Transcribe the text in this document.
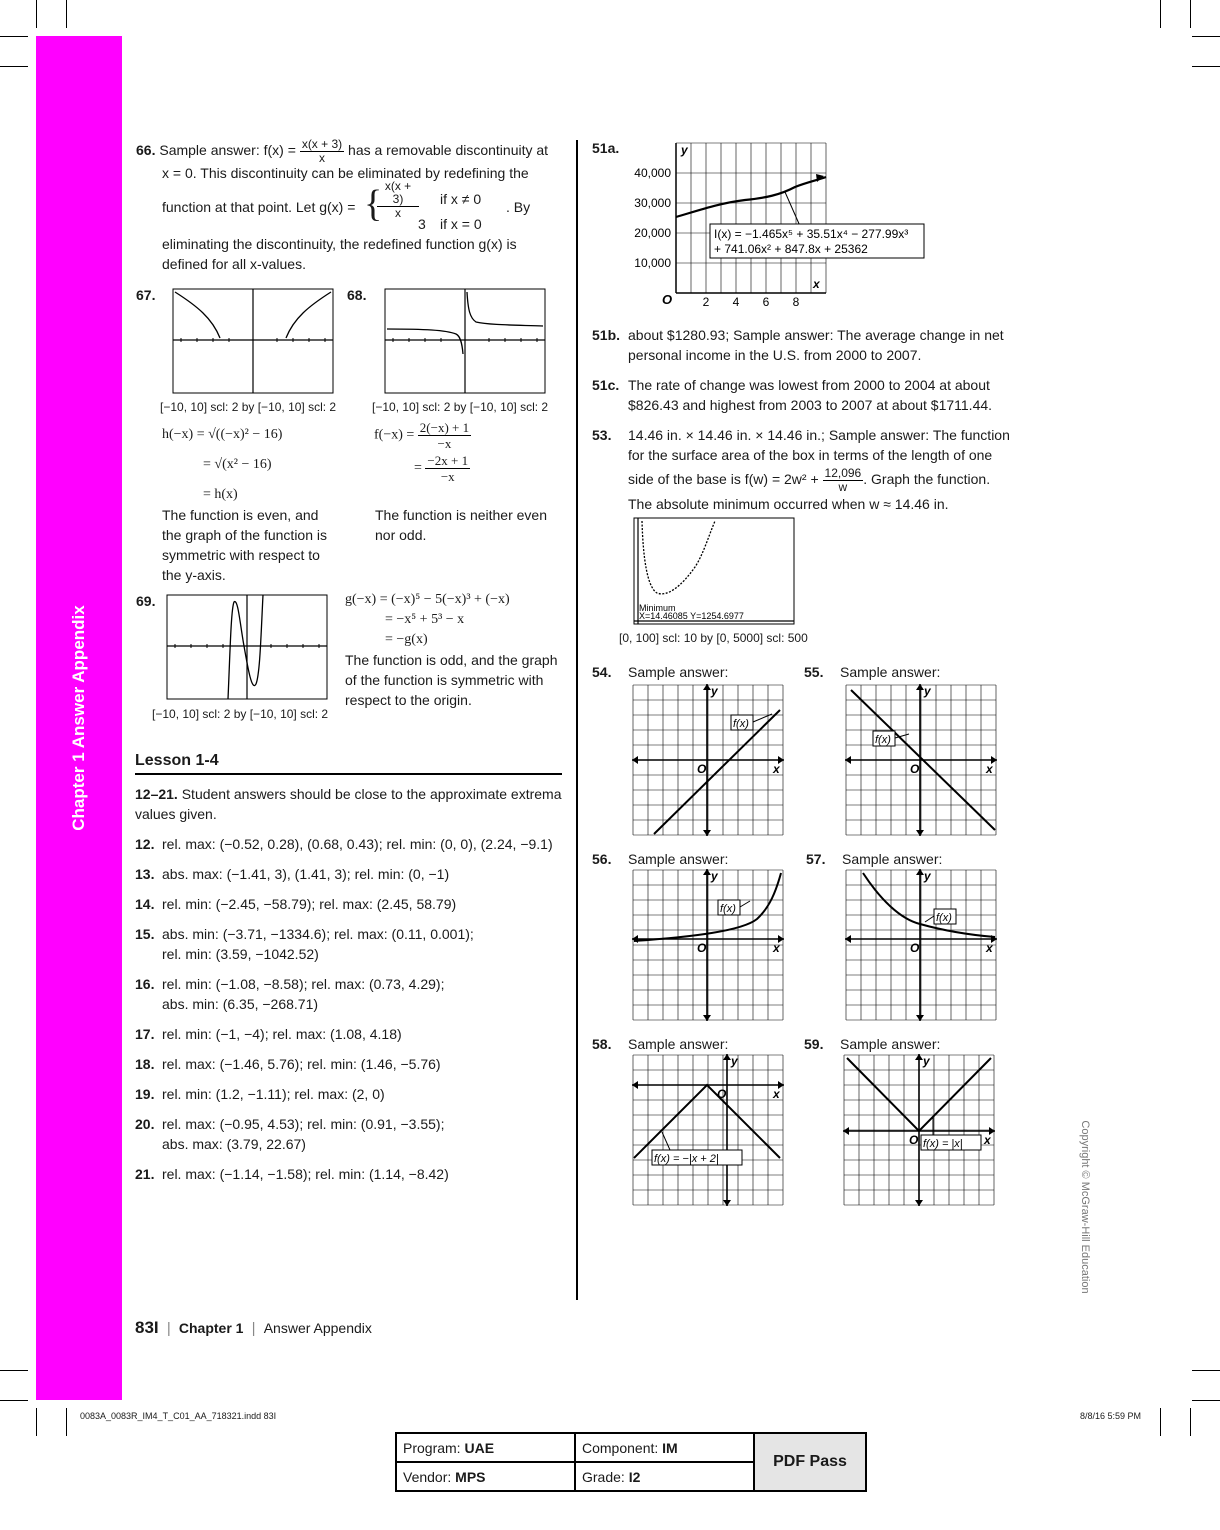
Chapter 1 Answer Appendix
66. Sample answer: $f(x) = \frac{x(x + 3)}{x}$ has a removable discontinuity at
x = 0. This discontinuity can be eliminated by redefining the
function at that point. Let g(x) = {
$\frac{x(x + 3)}{x}$ if x ≠ 0
3 if x = 0
. By
eliminating the discontinuity, the redefined function g(x) is
defined for all x-values.
67.
[−10, 10] scl: 2 by [−10, 10] scl: 2
h(−x) = √((−x)² − 16)
= √(x² − 16)
= h(x)
The function is even, and
the graph of the function is
symmetric with respect to
the y-axis.
68.
[−10, 10] scl: 2 by [−10, 10] scl: 2
$f(-x) = \frac{2(-x) + 1}{-x}$
= $\frac{-2x + 1}{-x}$
The function is neither even
nor odd.
69.
[−10, 10] scl: 2 by [−10, 10] scl: 2
g(−x) = (−x)⁵ − 5(−x)³ + (−x)
= −x⁵ + 5³ − x
= −g(x)
The function is odd, and the graph
of the function is symmetric with
respect to the origin.
Lesson 1-4
12–21. Student answers should be close to the approximate extrema
values given.
12. rel. max: (−0.52, 0.28), (0.68, 0.43); rel. min: (0, 0), (2.24, −9.1)
13. abs. max: (−1.41, 3), (1.41, 3); rel. min: (0, −1)
14. rel. min: (−2.45, −58.79); rel. max: (2.45, 58.79)
15. abs. min: (−3.71, −1334.6); rel. max: (0.11, 0.001);
rel. min: (3.59, −1042.52)
16. rel. min: (−1.08, −8.58); rel. max: (0.73, 4.29);
abs. min: (6.35, −268.71)
17. rel. min: (−1, −4); rel. max: (1.08, 4.18)
18. rel. max: (−1.46, 5.76); rel. min: (1.46, −5.76)
19. rel. min: (1.2, −1.11); rel. max: (2, 0)
20. rel. max: (−0.95, 4.53); rel. min: (0.91, −3.55);
abs. max: (3.79, 22.67)
21. rel. max: (−1.14, −1.58); rel. min: (1.14, −8.42)
51a.	y
x
O
40,000
30,000
20,000
10,000
2 4 6 8
I(x) = −1.465x⁵ + 35.51x⁴ − 277.99x³
+ 741.06x² + 847.8x + 25362
51b. about $1280.93; Sample answer: The average change in net
personal income in the U.S. from 2000 to 2007.
51c. The rate of change was lowest from 2000 to 2004 at about
$826.43 and highest from 2003 to 2007 at about $1711.44.
53. 14.46 in. × 14.46 in. × 14.46 in.; Sample answer: The function
for the surface area of the box in terms of the length of one
side of the base is $f(w) = 2w^2 + \frac{12,096}{w}$ . Graph the function.
The absolute minimum occurred when w ≈ 14.46 in.
Minimum
X=14.46085 Y=1254.6977
[0, 100] scl: 10 by [0, 5000] scl: 500
54. Sample answer:
O	x
y
f(x)
55. Sample answer:
O	x
y
f(x)
56. Sample answer:
O	x
y
f(x)
57. Sample answer:
O	x
y
f(x)
58. Sample answer:
O	x
y
f(x) = −|x + 2|
59. Sample answer:
O	x
y
f(x) = |x|	Copyright © McGraw-Hill Education
83I | Chapter 1 | Answer Appendix
0083A_0083R_IM4_T_C01_AA_718321.indd 83I	8/8/16 5:59 PM
Program: UAE	Component: IM	PDF Pass
Vendor: MPS	Grade: I2	
